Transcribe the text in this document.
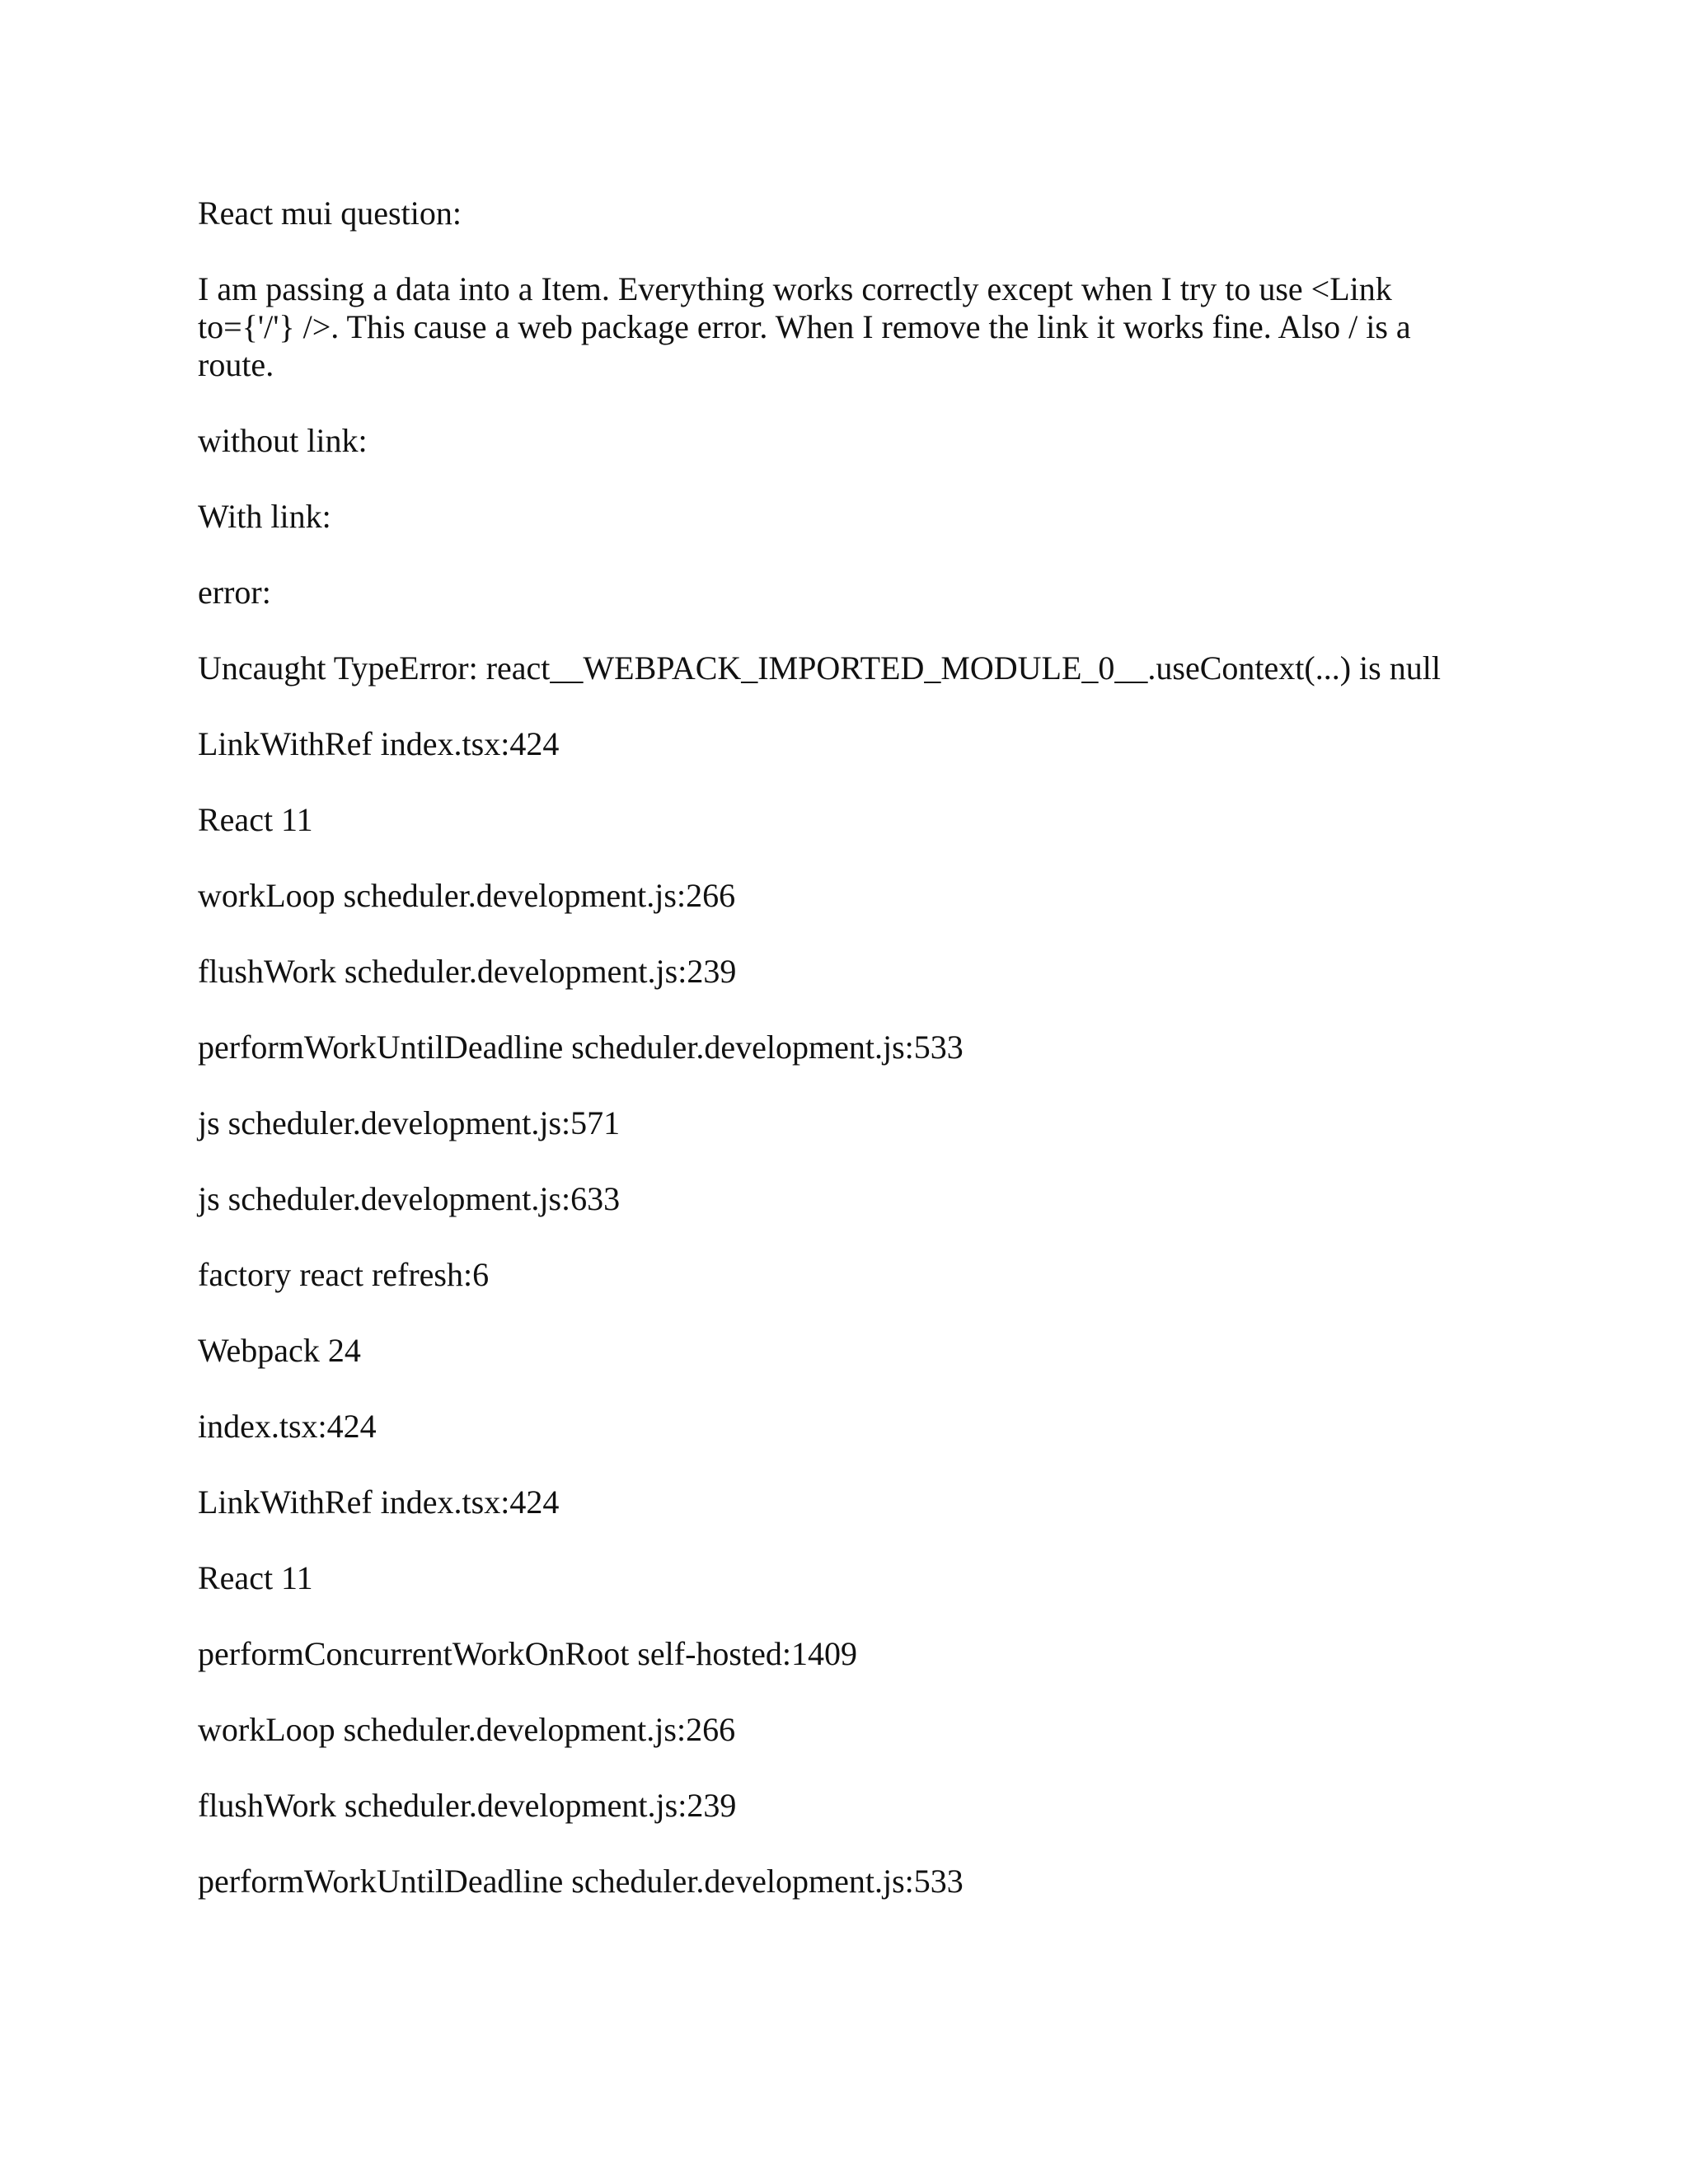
React mui question:

I am passing a data into a Item. Everything works correctly except when I try to use <Link
to={'/'} />. This cause a web package error. When I remove the link it works fine. Also / is a
route.

without link:

With link:

error:

Uncaught TypeError: react__WEBPACK_IMPORTED_MODULE_0__.useContext(...) is null

LinkWithRef index.tsx:424

React 11

workLoop scheduler.development.js:266

flushWork scheduler.development.js:239

performWorkUntilDeadline scheduler.development.js:533

js scheduler.development.js:571

js scheduler.development.js:633

factory react refresh:6

Webpack 24

index.tsx:424

LinkWithRef index.tsx:424

React 11

performConcurrentWorkOnRoot self-hosted:1409

workLoop scheduler.development.js:266

flushWork scheduler.development.js:239

performWorkUntilDeadline scheduler.development.js:533
